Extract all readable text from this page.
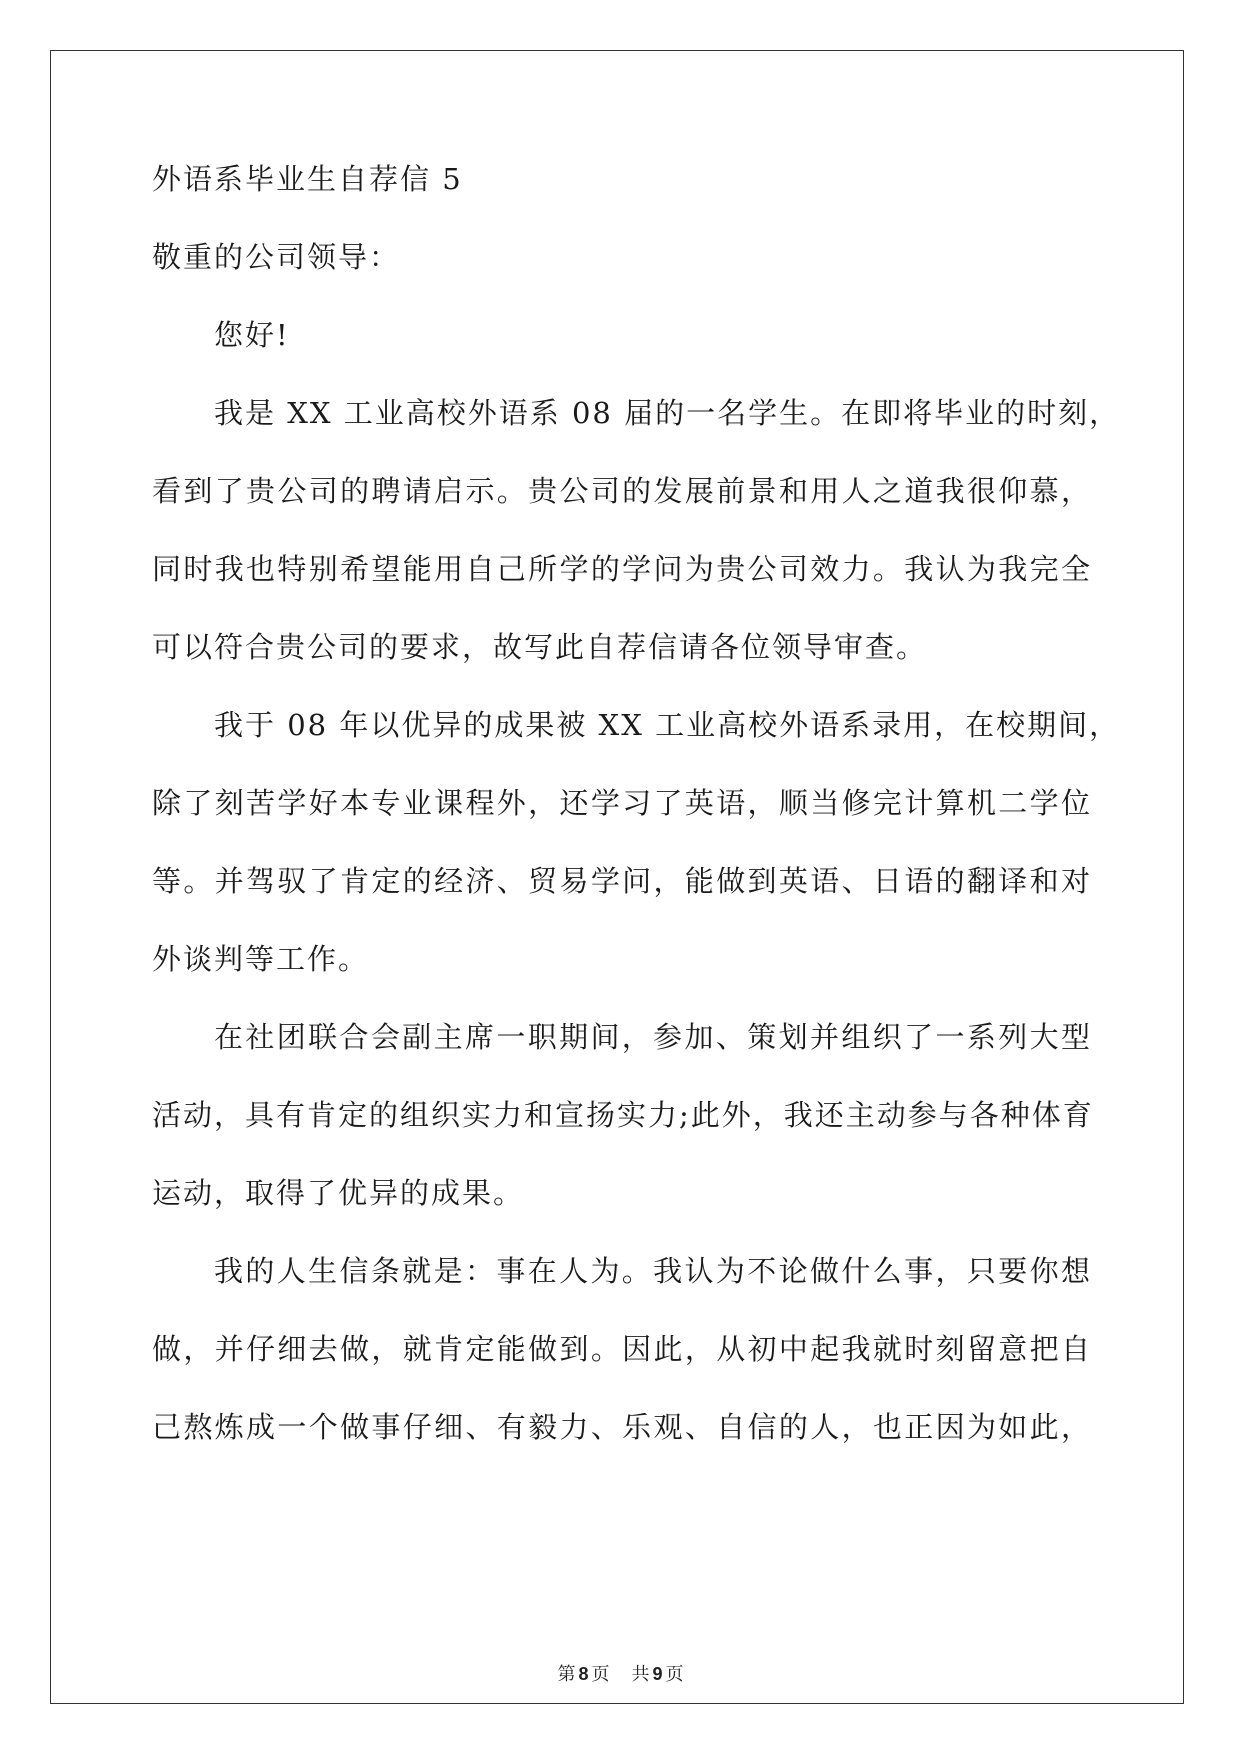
外语系毕业生自荐信 5
敬重的公司领导：
您好!
我是 XX 工业高校外语系 08 届的一名学生。在即将毕业的时刻，
看到了贵公司的聘请启示。贵公司的发展前景和用人之道我很仰慕，
同时我也特别希望能用自己所学的学问为贵公司效力。我认为我完全
可以符合贵公司的要求，故写此自荐信请各位领导审查。
我于 08 年以优异的成果被 XX 工业高校外语系录用，在校期间，
除了刻苦学好本专业课程外，还学习了英语，顺当修完计算机二学位
等。并驾驭了肯定的经济、贸易学问，能做到英语、日语的翻译和对
外谈判等工作。
在社团联合会副主席一职期间，参加、策划并组织了一系列大型
活动，具有肯定的组织实力和宣扬实力;此外，我还主动参与各种体育
运动，取得了优异的成果。
我的人生信条就是：事在人为。我认为不论做什么事，只要你想
做，并仔细去做，就肯定能做到。因此，从初中起我就时刻留意把自
己熬炼成一个做事仔细、有毅力、乐观、自信的人，也正因为如此，
第 8 页 共 9 页
